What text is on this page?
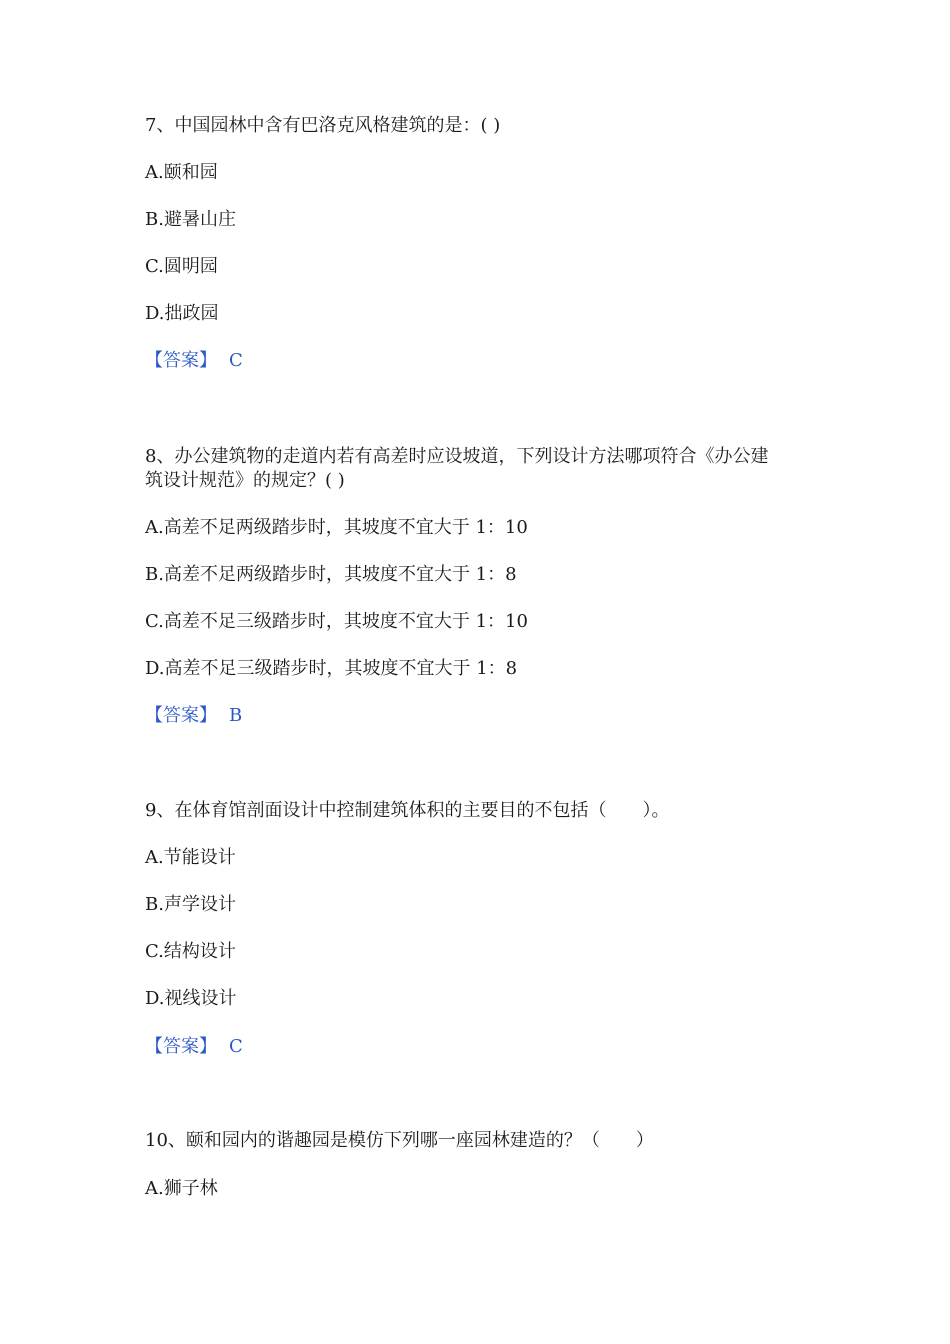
7、中国园林中含有巴洛克风格建筑的是：( )
A.颐和园
B.避暑山庄
C.圆明园
D.拙政园
【答案】 C
8、办公建筑物的走道内若有高差时应设坡道，下列设计方法哪项符合《办公建
筑设计规范》的规定？( )
A.高差不足两级踏步时，其坡度不宜大于 1：10
B.高差不足两级踏步时，其坡度不宜大于 1：8
C.高差不足三级踏步时，其坡度不宜大于 1：10
D.高差不足三级踏步时，其坡度不宜大于 1：8
【答案】 B
9、在体育馆剖面设计中控制建筑体积的主要目的不包括（　　）。
A.节能设计
B.声学设计
C.结构设计
D.视线设计
【答案】 C
10、颐和园内的谐趣园是模仿下列哪一座园林建造的？（　　）
A.狮子林
